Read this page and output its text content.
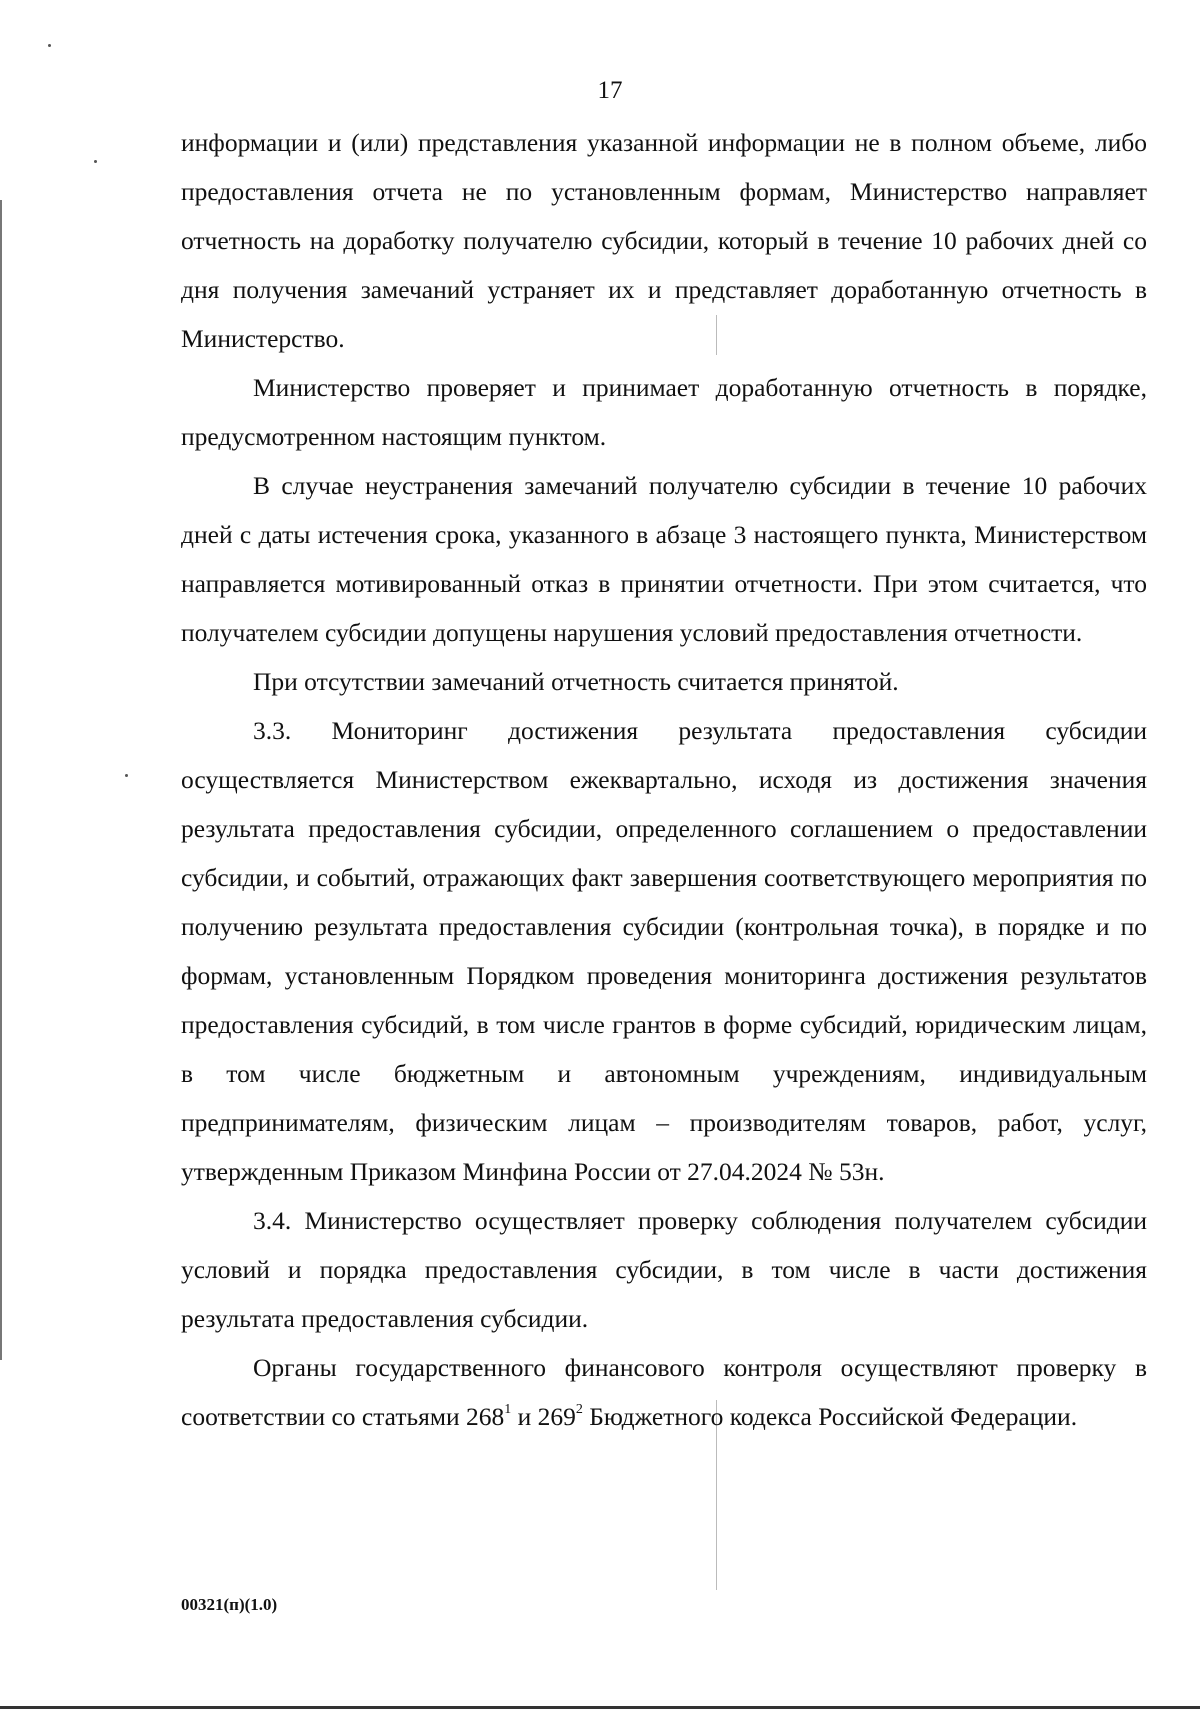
17

информации и (или) представления указанной информации не в полном объеме, либо предоставления отчета не по установленным формам, Министерство направляет отчетность на доработку получателю субсидии, который в течение 10 рабочих дней со дня получения замечаний устраняет их и представляет доработанную отчетность в Министерство.

Министерство проверяет и принимает доработанную отчетность в порядке, предусмотренном настоящим пунктом.

В случае неустранения замечаний получателю субсидии в течение 10 рабочих дней с даты истечения срока, указанного в абзаце 3 настоящего пункта, Министерством направляется мотивированный отказ в принятии отчетности. При этом считается, что получателем субсидии допущены нарушения условий предоставления отчетности.

При отсутствии замечаний отчетность считается принятой.

3.3. Мониторинг достижения результата предоставления субсидии осуществляется Министерством ежеквартально, исходя из достижения значения результата предоставления субсидии, определенного соглашением о предоставлении субсидии, и событий, отражающих факт завершения соответствующего мероприятия по получению результата предоставления субсидии (контрольная точка), в порядке и по формам, установленным Порядком проведения мониторинга достижения результатов предоставления субсидий, в том числе грантов в форме субсидий, юридическим лицам, в том числе бюджетным и автономным учреждениям, индивидуальным предпринимателям, физическим лицам – производителям товаров, работ, услуг, утвержденным Приказом Минфина России от 27.04.2024 № 53н.

3.4. Министерство осуществляет проверку соблюдения получателем субсидии условий и порядка предоставления субсидии, в том числе в части достижения результата предоставления субсидии.

Органы государственного финансового контроля осуществляют проверку в соответствии со статьями $268^1$ и $269^2$ Бюджетного кодекса Российской Федерации.

00321(п)(1.0)
